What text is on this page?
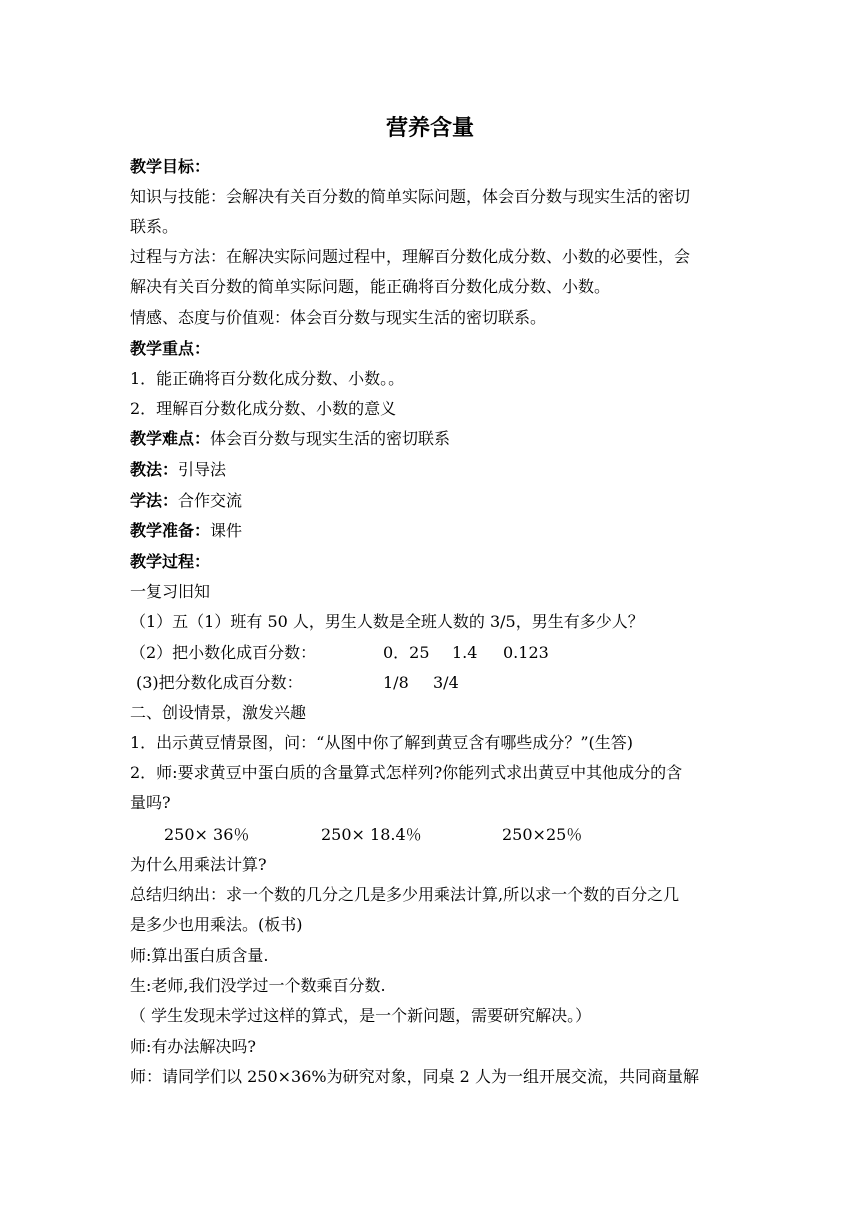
营养含量
教学目标：
知识与技能：会解决有关百分数的简单实际问题，体会百分数与现实生活的密切
联系。
过程与方法：在解决实际问题过程中，理解百分数化成分数、小数的必要性，会
解决有关百分数的简单实际问题，能正确将百分数化成分数、小数。
情感、态度与价值观：体会百分数与现实生活的密切联系。
教学重点：
1．能正确将百分数化成分数、小数。。
2．理解百分数化成分数、小数的意义
教学难点：体会百分数与现实生活的密切联系
教法：引导法
学法：合作交流
教学准备：课件
教学过程：
一复习旧知
（1）五（1）班有 50 人，男生人数是全班人数的 3/5，男生有多少人？
（2）把小数化成百分数：	0．25 1.4 0.123
(3)把分数化成百分数：	1/8 3/4
二、创设情景，激发兴趣
1．出示黄豆情景图，问：“从图中你了解到黄豆含有哪些成分？”(生答)
2．师:要求黄豆中蛋白质的含量算式怎样列?你能列式求出黄豆中其他成分的含
量吗?
250× 36％	250× 18.4％	250×25％
为什么用乘法计算?
总结归纳出：求一个数的几分之几是多少用乘法计算,所以求一个数的百分之几
是多少也用乘法。(板书)
师:算出蛋白质含量.
生:老师,我们没学过一个数乘百分数.
（ 学生发现未学过这样的算式，是一个新问题，需要研究解决。）
师:有办法解决吗?
师：请同学们以 250×36%为研究对象，同桌 2 人为一组开展交流，共同商量解
